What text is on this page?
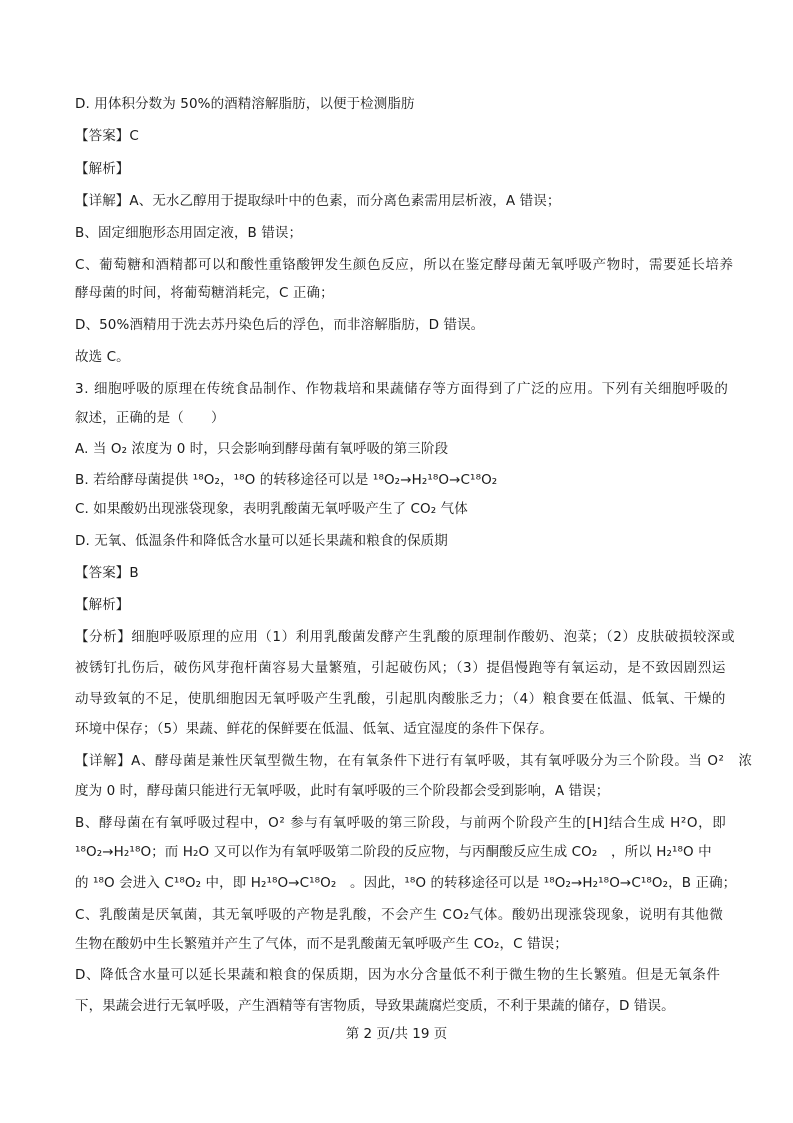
D. 用体积分数为 50%的酒精溶解脂肪，以便于检测脂肪
【答案】C
【解析】
【详解】A、无水乙醇用于提取绿叶中的色素，而分离色素需用层析液，A 错误；
B、固定细胞形态用固定液，B 错误；
C、葡萄糖和酒精都可以和酸性重铬酸钾发生颜色反应，所以在鉴定酵母菌无氧呼吸产物时，需要延长培养
酵母菌的时间，将葡萄糖消耗完，C 正确；
D、50%酒精用于洗去苏丹染色后的浮色，而非溶解脂肪，D 错误。
故选 C。
3. 细胞呼吸的原理在传统食品制作、作物栽培和果蔬储存等方面得到了广泛的应用。下列有关细胞呼吸的
叙述，正确的是（　　）
A. 当 O₂ 浓度为 0 时，只会影响到酵母菌有氧呼吸的第三阶段
B. 若给酵母菌提供 ¹⁸O₂，¹⁸O 的转移途径可以是 ¹⁸O₂→H₂¹⁸O→C¹⁸O₂
C. 如果酸奶出现涨袋现象，表明乳酸菌无氧呼吸产生了 CO₂ 气体
D. 无氧、低温条件和降低含水量可以延长果蔬和粮食的保质期
【答案】B
【解析】
【分析】细胞呼吸原理的应用（1）利用乳酸菌发酵产生乳酸的原理制作酸奶、泡菜；（2）皮肤破损较深或
被锈钉扎伤后，破伤风芽孢杆菌容易大量繁殖，引起破伤风；（3）提倡慢跑等有氧运动，是不致因剧烈运
动导致氧的不足，使肌细胞因无氧呼吸产生乳酸，引起肌肉酸胀乏力；（4）粮食要在低温、低氧、干燥的
环境中保存；（5）果蔬、鲜花的保鲜要在低温、低氧、适宜湿度的条件下保存。
【详解】A、酵母菌是兼性厌氧型微生物，在有氧条件下进行有氧呼吸，其有氧呼吸分为三个阶段。当 O²　浓
度为 0 时，酵母菌只能进行无氧呼吸，此时有氧呼吸的三个阶段都会受到影响，A 错误；
B、酵母菌在有氧呼吸过程中，O² 参与有氧呼吸的第三阶段，与前两个阶段产生的[H]结合生成 H²O，即
¹⁸O₂→H₂¹⁸O；而 H₂O 又可以作为有氧呼吸第二阶段的反应物，与丙酮酸反应生成 CO₂　，所以 H₂¹⁸O 中
的 ¹⁸O 会进入 C¹⁸O₂ 中，即 H₂¹⁸O→C¹⁸O₂　。因此，¹⁸O 的转移途径可以是 ¹⁸O₂→H₂¹⁸O→C¹⁸O₂，B 正确；
C、乳酸菌是厌氧菌，其无氧呼吸的产物是乳酸，不会产生 CO₂气体。酸奶出现涨袋现象，说明有其他微
生物在酸奶中生长繁殖并产生了气体，而不是乳酸菌无氧呼吸产生 CO₂，C 错误；
D、降低含水量可以延长果蔬和粮食的保质期，因为水分含量低不利于微生物的生长繁殖。但是无氧条件
下，果蔬会进行无氧呼吸，产生酒精等有害物质，导致果蔬腐烂变质，不利于果蔬的储存，D 错误。
第 2 页/共 19 页
